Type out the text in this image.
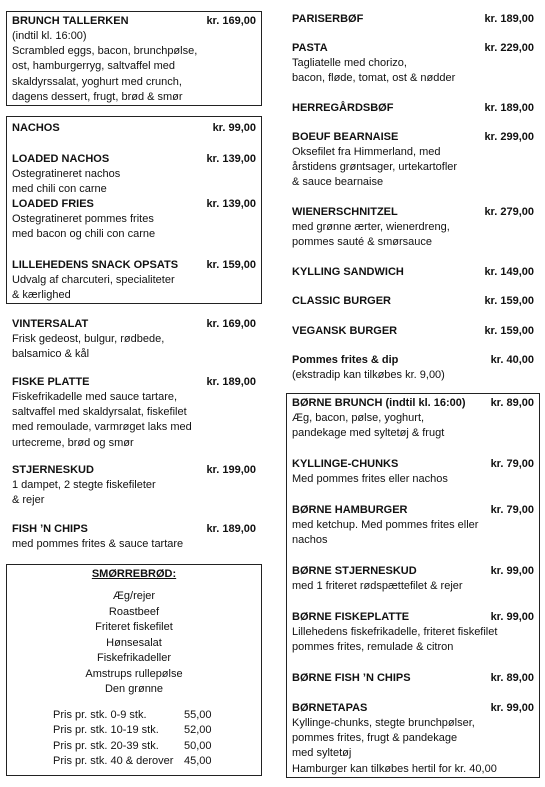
BRUNCH TALLERKEN	kr. 169,00
(indtil kl. 16:00)
Scrambled eggs, bacon, brunchpølse,
ost, hamburgerryg, saltvaffel med
skaldyrssalat, yoghurt med crunch,
dagens dessert, frugt, brød & smør
NACHOS	kr. 99,00
LOADED NACHOS	kr. 139,00
Ostegratineret nachos
med chili con carne
LOADED FRIES	kr. 139,00
Ostegratineret pommes frites
med bacon og chili con carne
LILLEHEDENS SNACK OPSATS	kr. 159,00
Udvalg af charcuteri, specialiteter
& kærlighed
VINTERSALAT	kr. 169,00
Frisk gedeost, bulgur, rødbede,
balsamico & kål
FISKE PLATTE	kr. 189,00
Fiskefrikadelle med sauce tartare,
saltvaffel med skaldyrsalat, fiskefilet
med remoulade, varmrøget laks med
urtecreme, brød og smør
STJERNESKUD	kr. 199,00
1 dampet, 2 stegte fiskefileter
& rejer
FISH ’N CHIPS	kr. 189,00
med pommes frites & sauce tartare
SMØRREBRØD:
Æg/rejer
Roastbeef
Friteret fiskefilet
Hønsesalat
Fiskefrikadeller
Amstrups rullepølse
Den grønne
Pris pr. stk. 0-9 stk.	55,00
Pris pr. stk. 10-19 stk.	52,00
Pris pr. stk. 20-39 stk.	50,00
Pris pr. stk. 40 & derover 45,00
PARISERBØF	kr. 189,00
PASTA	kr. 229,00
Tagliatelle med chorizo,
bacon, fløde, tomat, ost & nødder
HERREGÅRDSBØF	kr. 189,00
BOEUF BEARNAISE	kr. 299,00
Oksefilet fra Himmerland, med
årstidens grøntsager, urtekartofler
& sauce bearnaise
WIENERSCHNITZEL	kr. 279,00
med grønne ærter, wienerdreng,
pommes sauté & smørsauce
KYLLING SANDWICH	kr. 149,00
CLASSIC BURGER	kr. 159,00
VEGANSK BURGER	kr. 159,00
Pommes frites & dip	kr. 40,00
(ekstradip kan tilkøbes kr. 9,00)
BØRNE BRUNCH (indtil kl. 16:00) kr. 89,00
Æg, bacon, pølse, yoghurt,
pandekage med syltetøj & frugt
KYLLINGE-CHUNKS	kr. 79,00
Med pommes frites eller nachos
BØRNE HAMBURGER	kr. 79,00
med ketchup. Med pommes frites eller
nachos
BØRNE STJERNESKUD	kr. 99,00
med 1 friteret rødspættefilet & rejer
BØRNE FISKEPLATTE	kr. 99,00
Lillehedens fiskefrikadelle, friteret fiskefilet
pommes frites, remulade & citron
BØRNE FISH ’N CHIPS	kr. 89,00
BØRNETAPAS	kr. 99,00
Kyllinge-chunks, stegte brunchpølser,
pommes frites, frugt & pandekage
med syltetøj
Hamburger kan tilkøbes hertil for kr. 40,00
